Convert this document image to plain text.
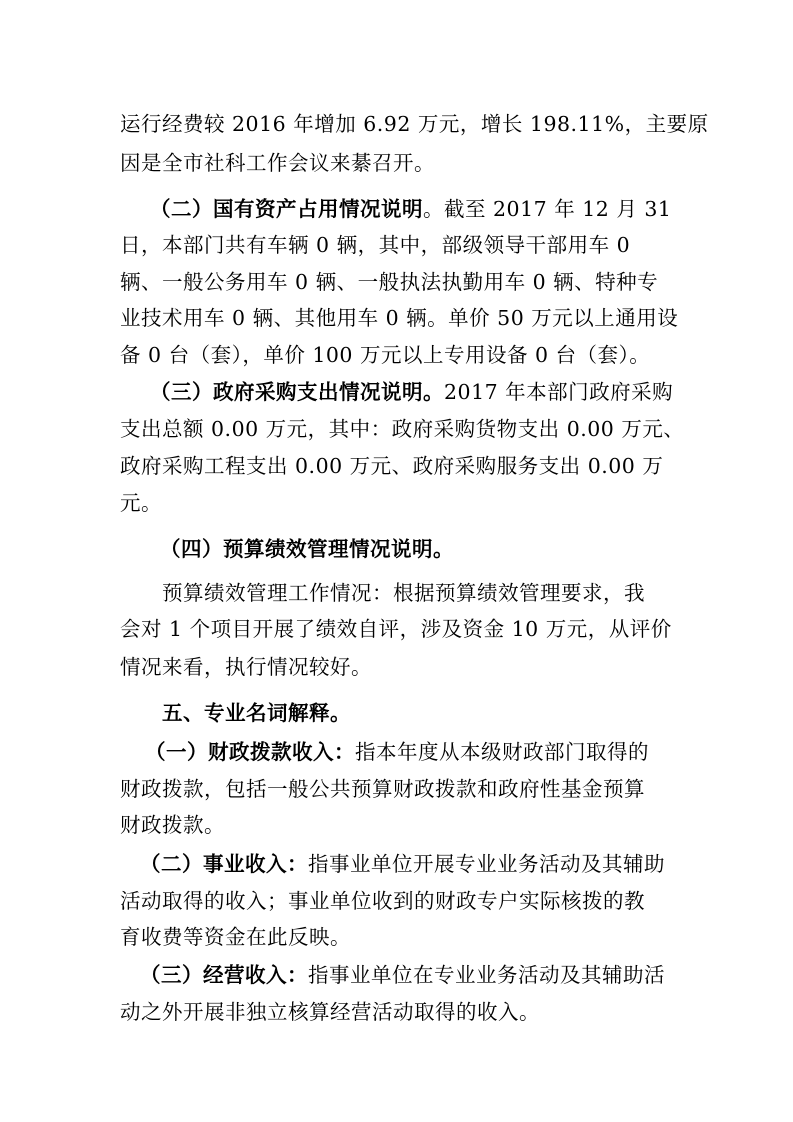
运行经费较 2016 年增加 6.92 万元，增长 198.11%，主要原
因是全市社科工作会议来綦召开。
（二）国有资产占用情况说明。截至 2017 年 12 月 31
日，本部门共有车辆 0 辆，其中，部级领导干部用车 0
辆、一般公务用车 0 辆、一般执法执勤用车 0 辆、特种专
业技术用车 0 辆、其他用车 0 辆。单价 50 万元以上通用设
备 0 台（套），单价 100 万元以上专用设备 0 台（套）。
（三）政府采购支出情况说明。2017 年本部门政府采购
支出总额 0.00 万元，其中：政府采购货物支出 0.00 万元、
政府采购工程支出 0.00 万元、政府采购服务支出 0.00 万
元。
（四）预算绩效管理情况说明。
预算绩效管理工作情况：根据预算绩效管理要求，我
会对 1 个项目开展了绩效自评，涉及资金 10 万元，从评价
情况来看，执行情况较好。
五、专业名词解释。
（一）财政拨款收入：指本年度从本级财政部门取得的
财政拨款，包括一般公共预算财政拨款和政府性基金预算
财政拨款。
（二）事业收入：指事业单位开展专业业务活动及其辅助
活动取得的收入；事业单位收到的财政专户实际核拨的教
育收费等资金在此反映。
（三）经营收入：指事业单位在专业业务活动及其辅助活
动之外开展非独立核算经营活动取得的收入。
